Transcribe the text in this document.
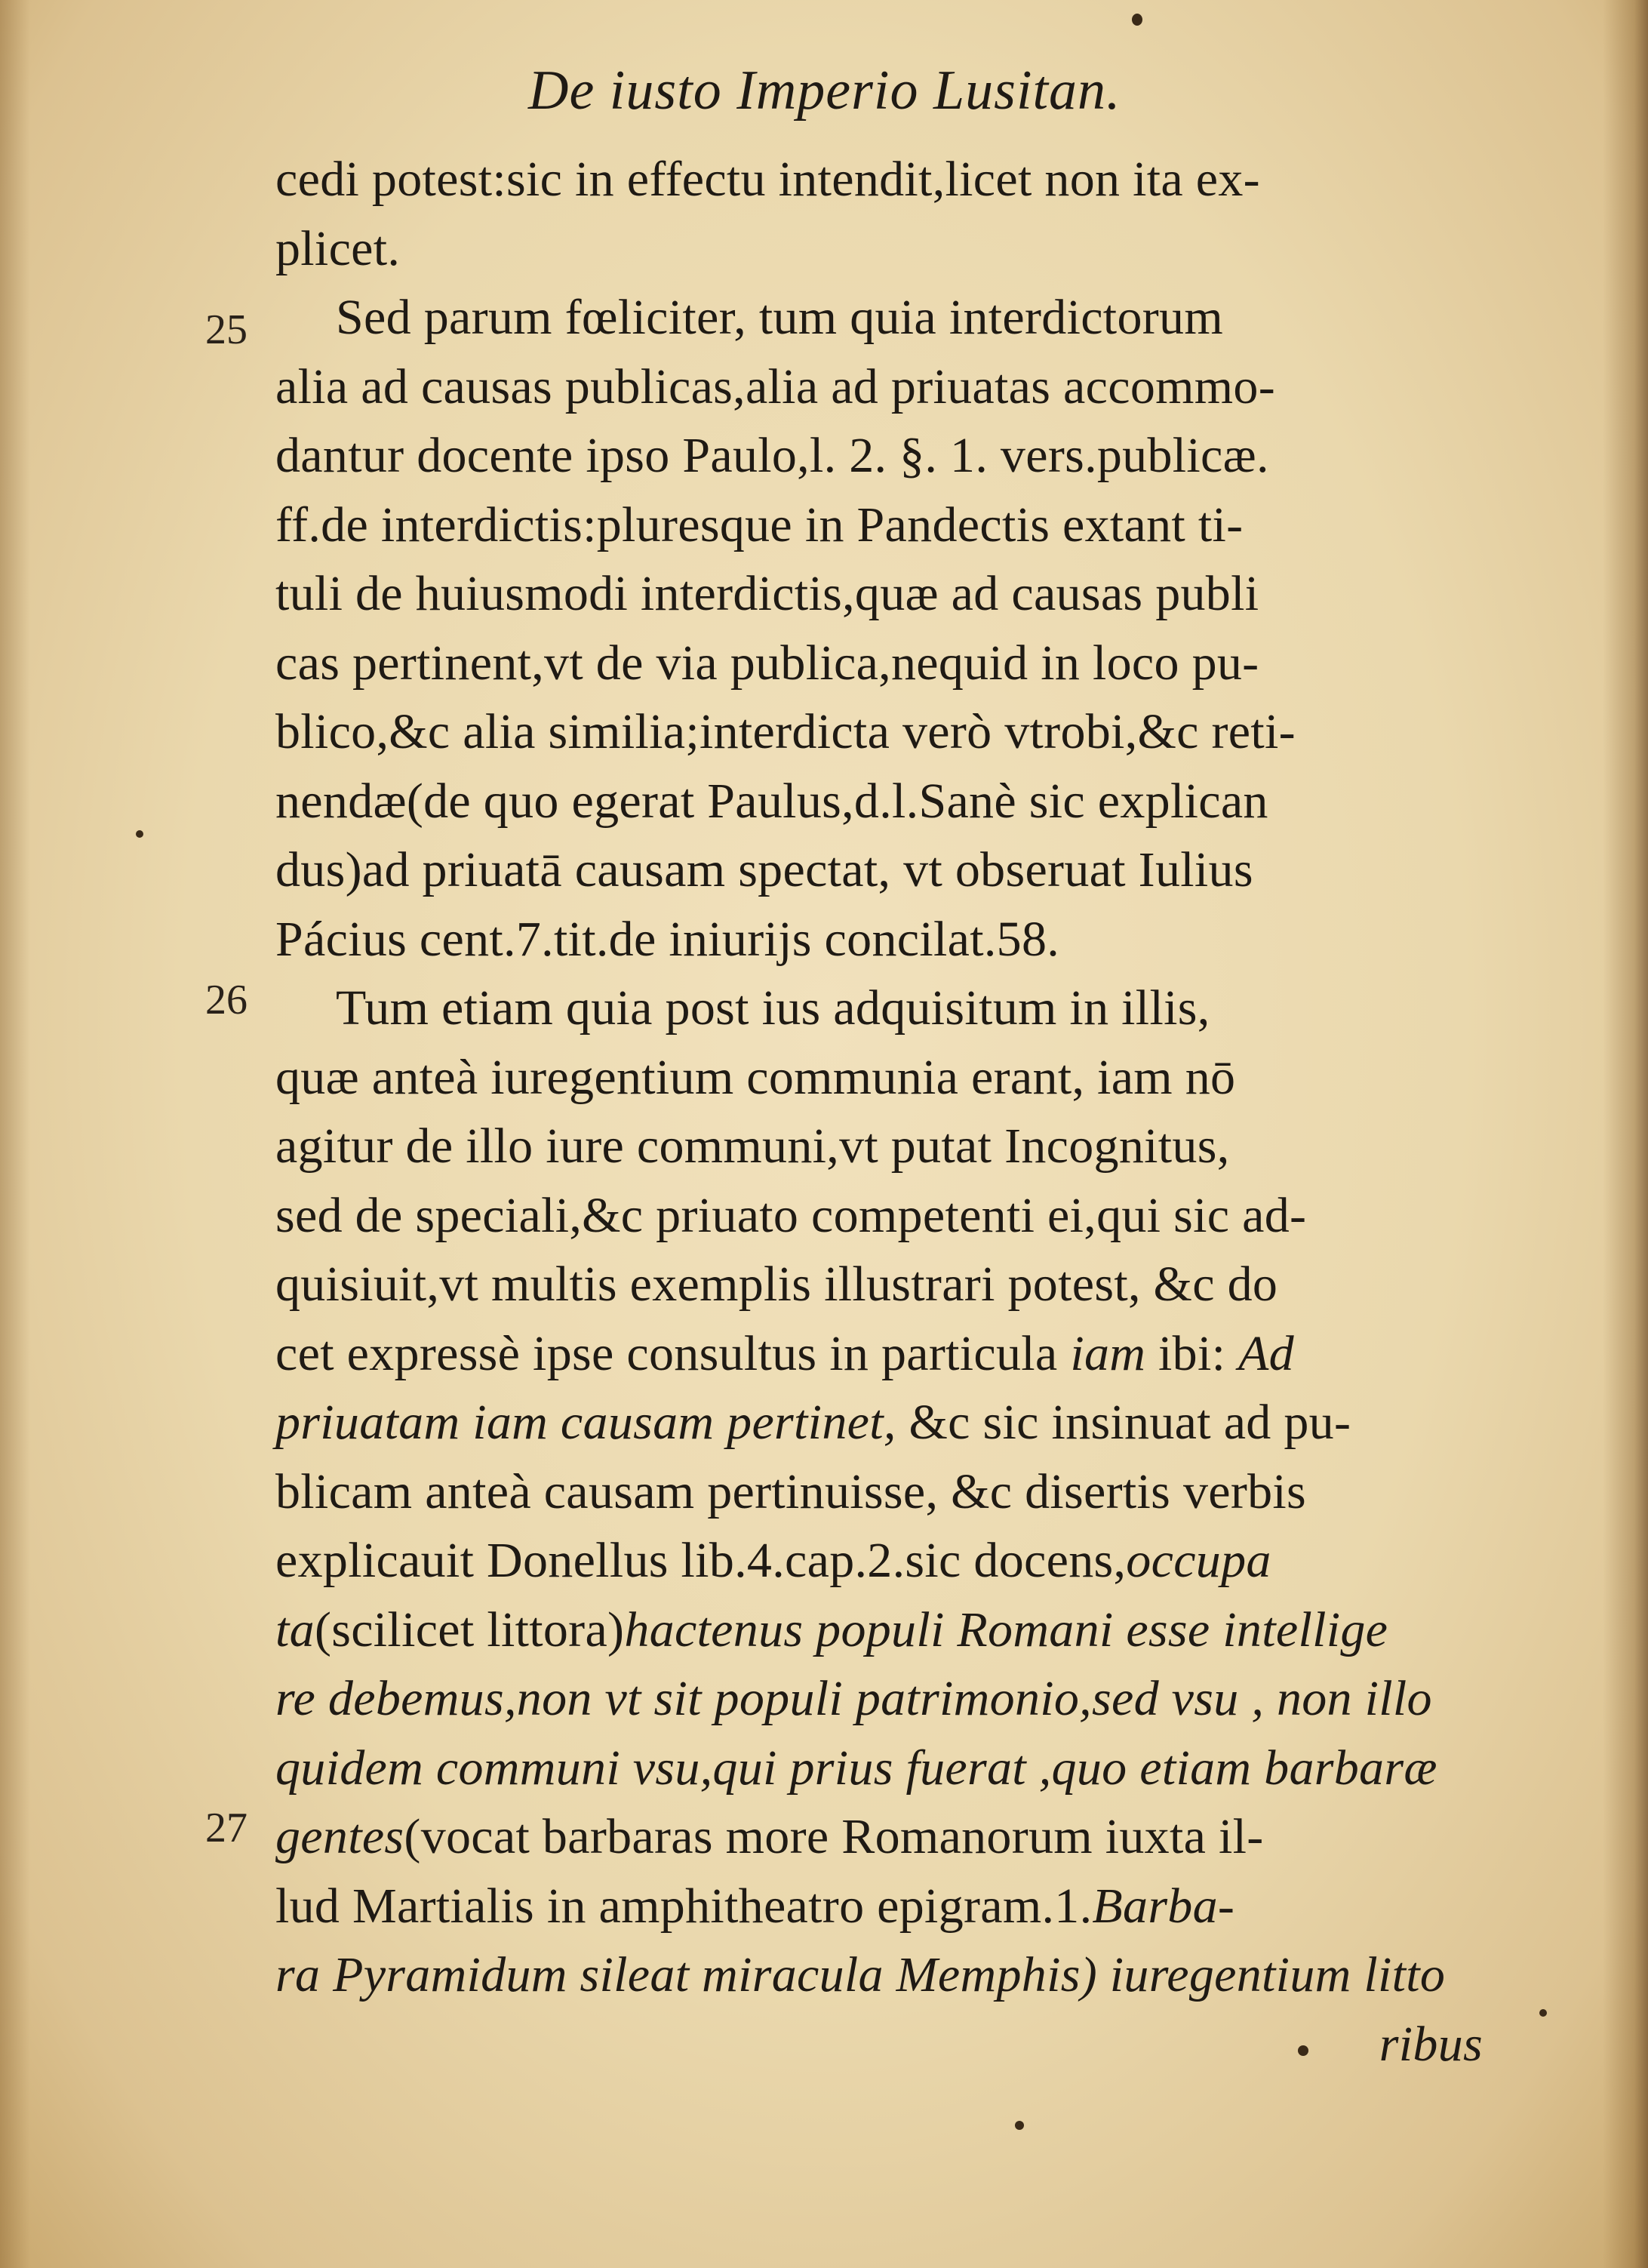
De iusto Imperio Lusitan.
25
26
27
cedi potest:sic in effectu intendit,licet non ita ex-
plicet.
Sed parum fœliciter, tum quia interdictorum
alia ad causas publicas,alia ad priuatas accommo-
dantur docente ipso Paulo,l. 2. §. 1. vers.publicæ.
ff.de interdictis:pluresque in Pandectis extant ti-
tuli de huiusmodi interdictis,quæ ad causas publi
cas pertinent,vt de via publica,nequid in loco pu-
blico,&c alia similia;interdicta verò vtrobi,&c reti-
nendæ(de quo egerat Paulus,d.l.Sanè sic explican
dus)ad priuatā causam spectat, vt obseruat Iulius
Pácius cent.7.tit.de iniurijs concilat.58.
Tum etiam quia post ius adquisitum in illis,
quæ anteà iuregentium communia erant, iam nō
agitur de illo iure communi,vt putat Incognitus,
sed de speciali,&c priuato competenti ei,qui sic ad-
quisiuit,vt multis exemplis illustrari potest, &c do
cet expressè ipse consultus in particula iam ibi: Ad
priuatam iam causam pertinet, &c sic insinuat ad pu-
blicam anteà causam pertinuisse, &c disertis verbis
explicauit Donellus lib.4.cap.2.sic docens,occupa
ta(scilicet littora)hactenus populi Romani esse intellige
re debemus,non vt sit populi patrimonio,sed vsu , non illo
quidem communi vsu,qui prius fuerat ,quo etiam barbaræ
gentes(vocat barbaras more Romanorum iuxta il-
lud Martialis in amphitheatro epigram.1.Barba-
ra Pyramidum sileat miracula Memphis) iuregentium litto
ribus
